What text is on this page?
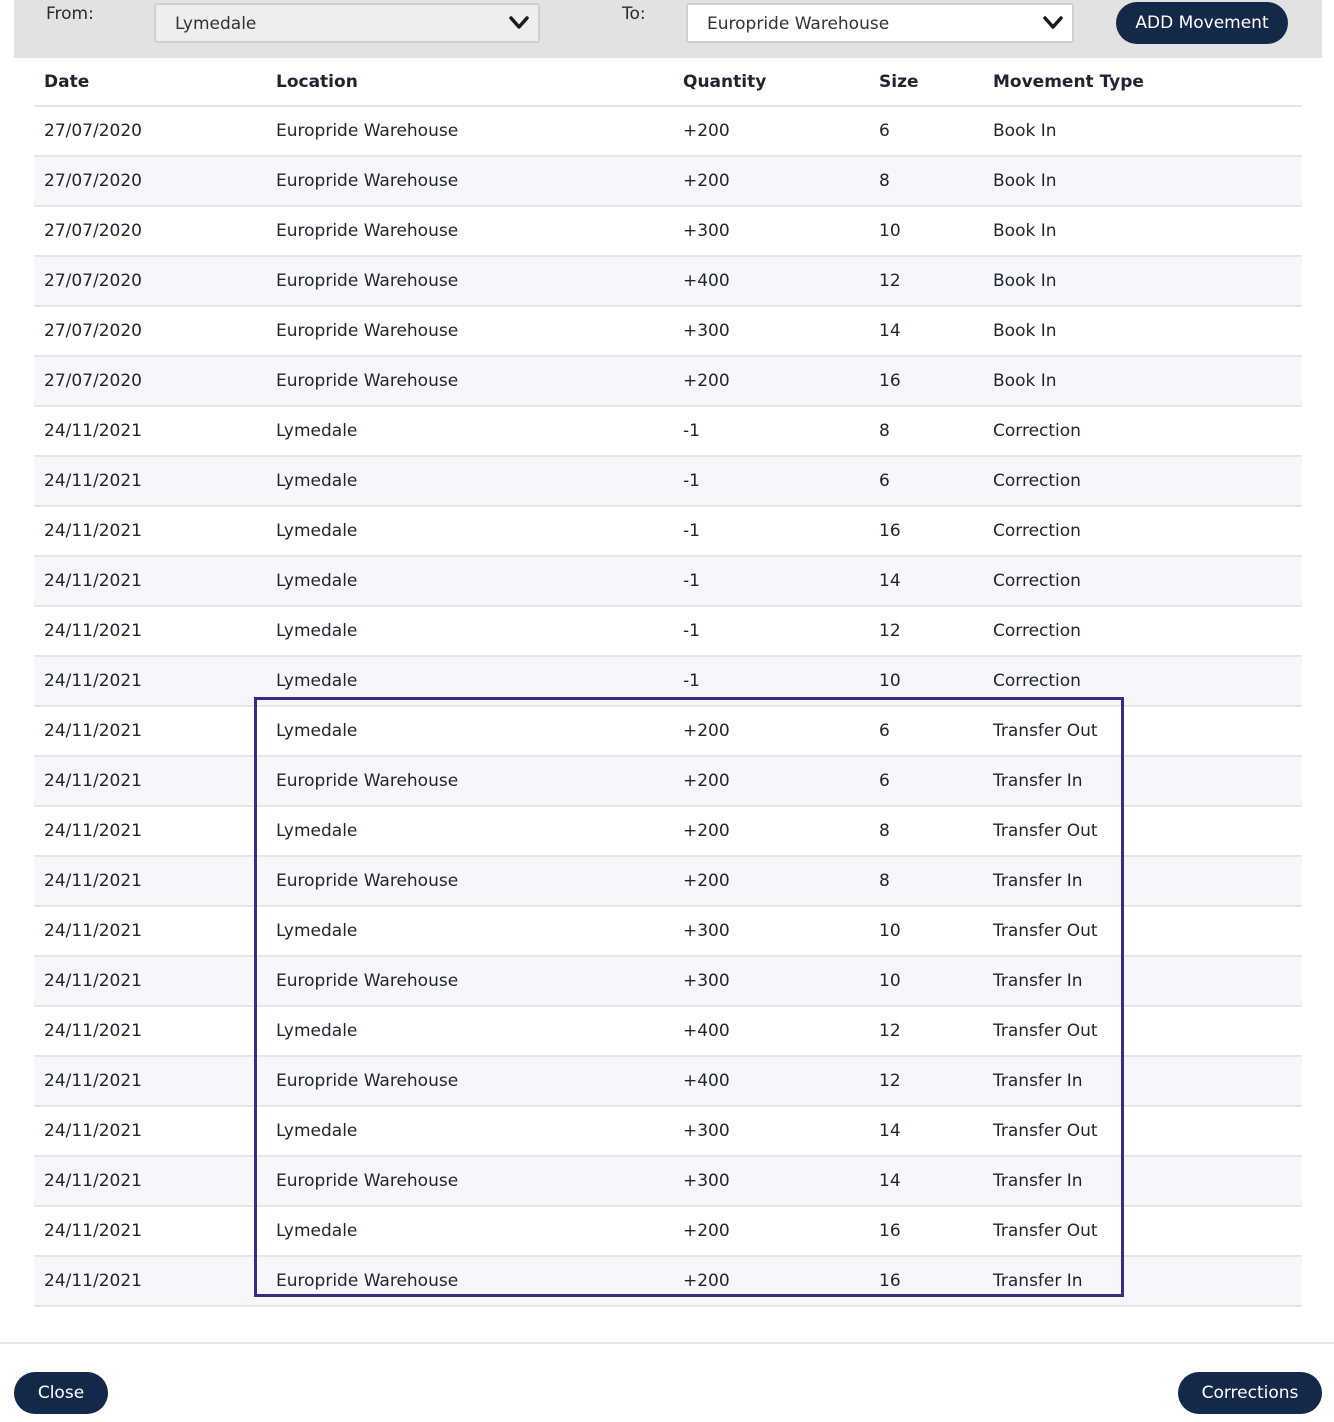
From:	Lymedale	To:	Europride Warehouse	ADD Movement
Date	Location	Quantity	Size	Movement Type
27/07/2020	Europride Warehouse	+200	6	Book In
27/07/2020	Europride Warehouse	+200	8	Book In
27/07/2020	Europride Warehouse	+300	10	Book In
27/07/2020	Europride Warehouse	+400	12	Book In
27/07/2020	Europride Warehouse	+300	14	Book In
27/07/2020	Europride Warehouse	+200	16	Book In
24/11/2021	Lymedale	-1	8	Correction
24/11/2021	Lymedale	-1	6	Correction
24/11/2021	Lymedale	-1	16	Correction
24/11/2021	Lymedale	-1	14	Correction
24/11/2021	Lymedale	-1	12	Correction
24/11/2021	Lymedale	-1	10	Correction
24/11/2021	Lymedale	+200	6	Transfer Out
24/11/2021	Europride Warehouse	+200	6	Transfer In
24/11/2021	Lymedale	+200	8	Transfer Out
24/11/2021	Europride Warehouse	+200	8	Transfer In
24/11/2021	Lymedale	+300	10	Transfer Out
24/11/2021	Europride Warehouse	+300	10	Transfer In
24/11/2021	Lymedale	+400	12	Transfer Out
24/11/2021	Europride Warehouse	+400	12	Transfer In
24/11/2021	Lymedale	+300	14	Transfer Out
24/11/2021	Europride Warehouse	+300	14	Transfer In
24/11/2021	Lymedale	+200	16	Transfer Out
24/11/2021	Europride Warehouse	+200	16	Transfer In
Close	Corrections
